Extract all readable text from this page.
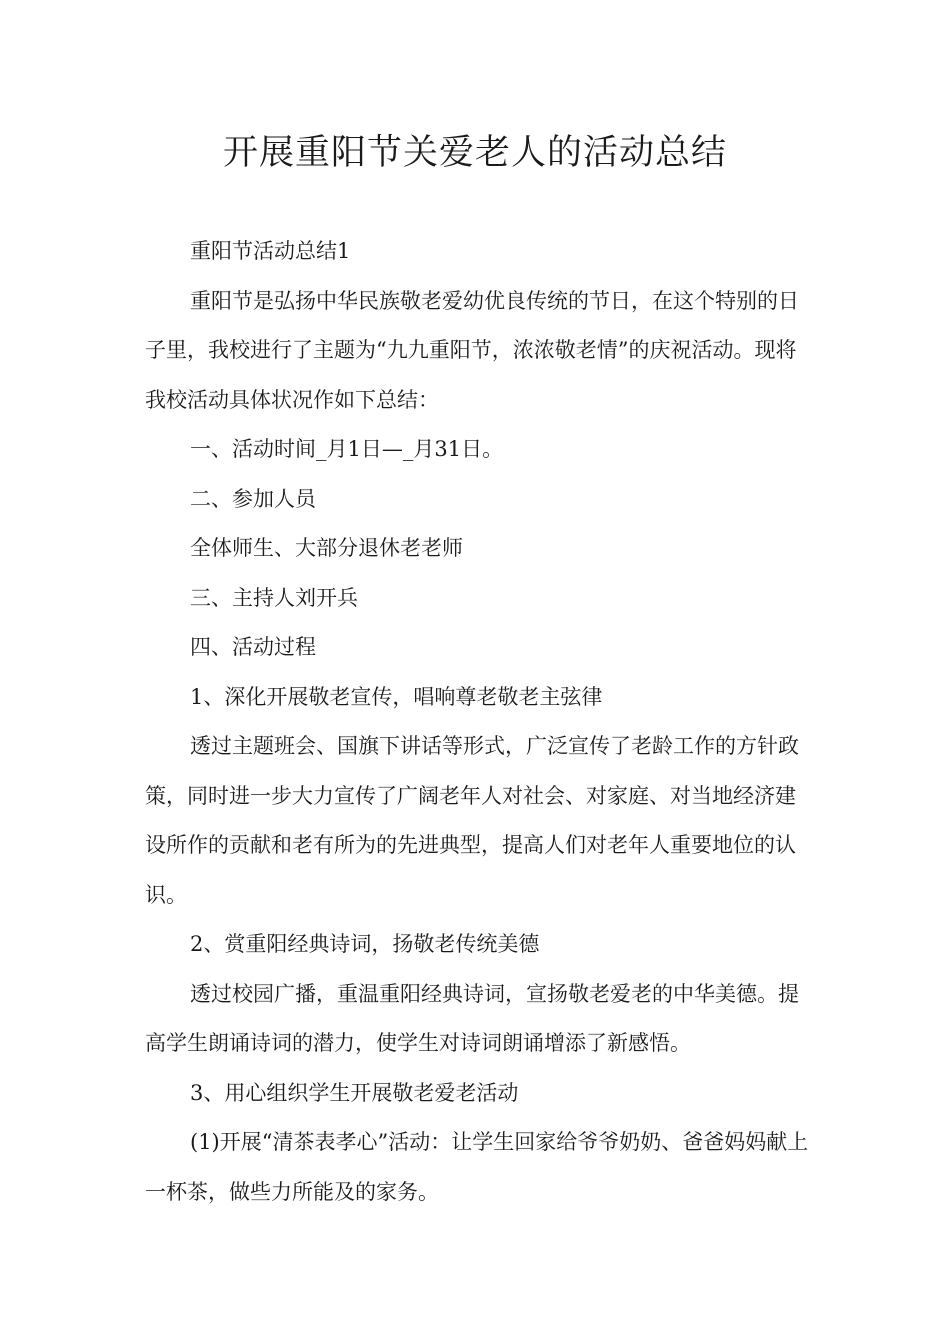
开展重阳节关爱老人的活动总结

重阳节活动总结1

重阳节是弘扬中华民族敬老爱幼优良传统的节日，在这个特别的日子里，我校进行了主题为“九九重阳节，浓浓敬老情”的庆祝活动。现将我校活动具体状况作如下总结：

一、活动时间_月1日—_月31日。

二、参加人员

全体师生、大部分退休老老师

三、主持人刘开兵

四、活动过程

1、深化开展敬老宣传，唱响尊老敬老主弦律

透过主题班会、国旗下讲话等形式，广泛宣传了老龄工作的方针政策，同时进一步大力宣传了广阔老年人对社会、对家庭、对当地经济建设所作的贡献和老有所为的先进典型，提高人们对老年人重要地位的认识。

2、赏重阳经典诗词，扬敬老传统美德

透过校园广播，重温重阳经典诗词，宣扬敬老爱老的中华美德。提高学生朗诵诗词的潜力，使学生对诗词朗诵增添了新感悟。

3、用心组织学生开展敬老爱老活动

(1)开展“清茶表孝心”活动：让学生回家给爷爷奶奶、爸爸妈妈献上一杯茶，做些力所能及的家务。
